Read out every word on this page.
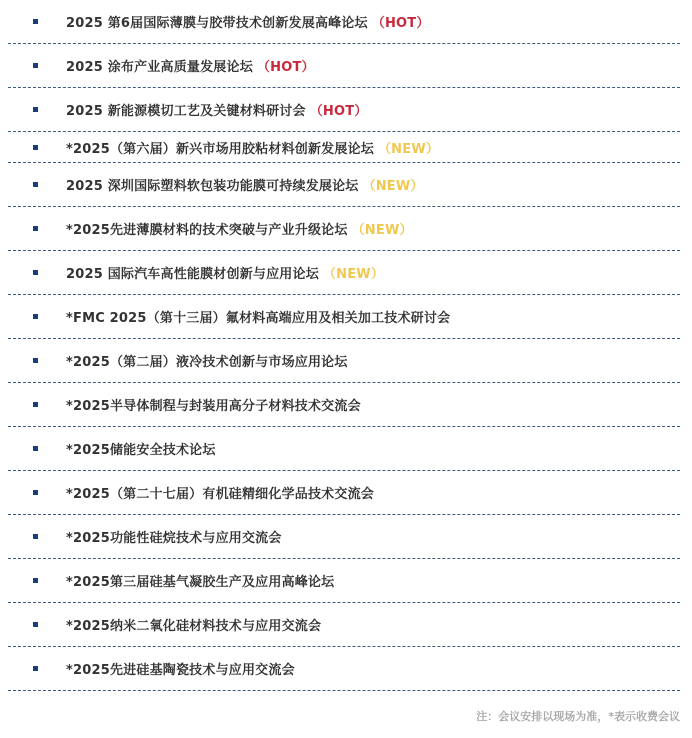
2025 第6届国际薄膜与胶带技术创新发展高峰论坛 （HOT）
2025 涂布产业高质量发展论坛 （HOT）
2025 新能源模切工艺及关键材料研讨会 （HOT）
*2025（第六届）新兴市场用胶粘材料创新发展论坛 （NEW）
2025 深圳国际塑料软包装功能膜可持续发展论坛 （NEW）
*2025先进薄膜材料的技术突破与产业升级论坛 （NEW）
2025 国际汽车高性能膜材创新与应用论坛 （NEW）
*FMC 2025（第十三届）氟材料高端应用及相关加工技术研讨会
*2025（第二届）液冷技术创新与市场应用论坛
*2025半导体制程与封装用高分子材料技术交流会
*2025储能安全技术论坛
*2025（第二十七届）有机硅精细化学品技术交流会
*2025功能性硅烷技术与应用交流会
*2025第三届硅基气凝胶生产及应用高峰论坛
*2025纳米二氧化硅材料技术与应用交流会
*2025先进硅基陶瓷技术与应用交流会
注：会议安排以现场为准，*表示收费会议
